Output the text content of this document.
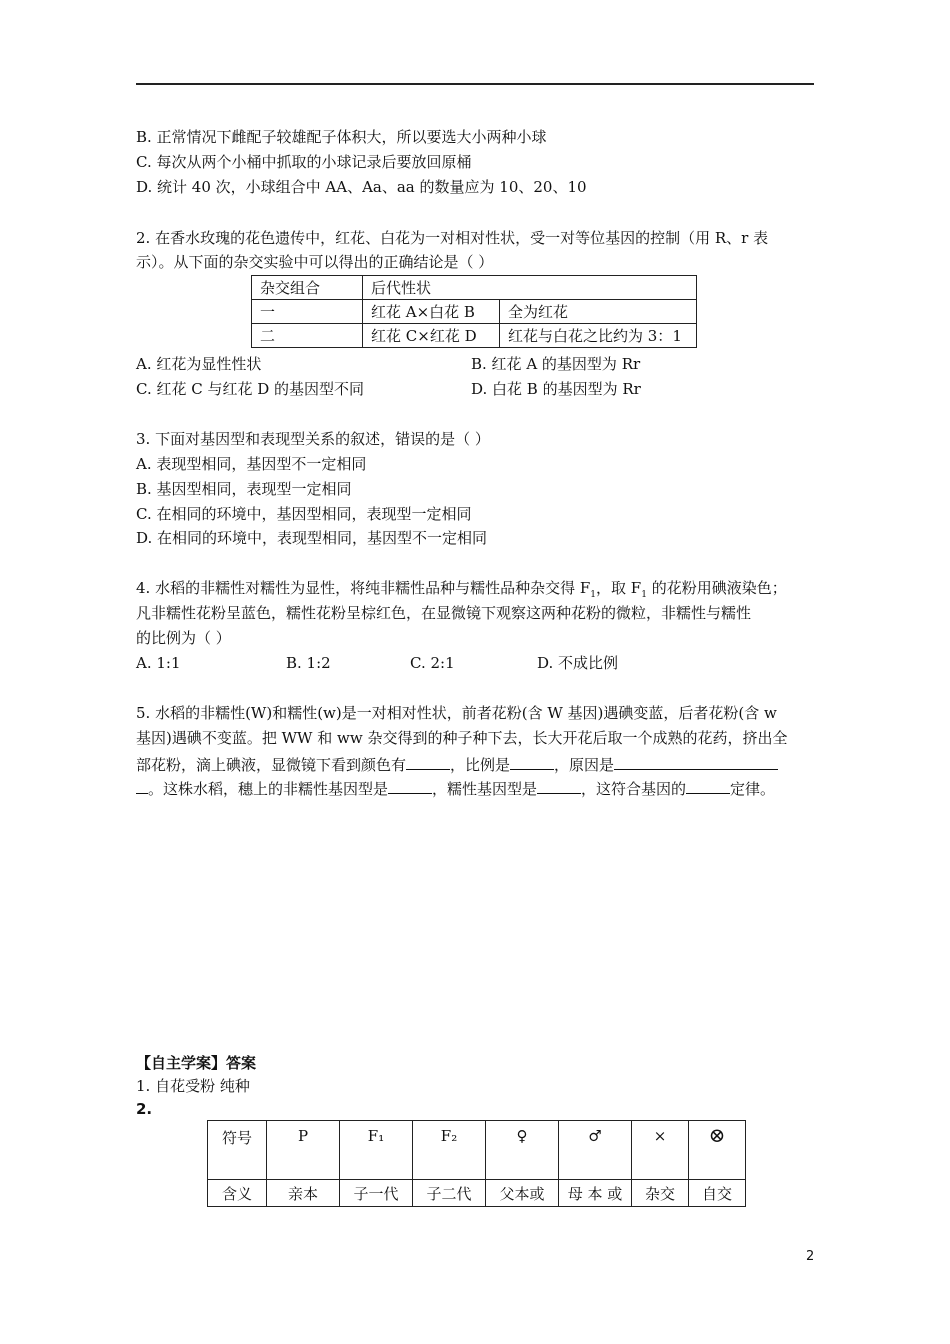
B. 正常情况下雌配子较雄配子体积大，所以要选大小两种小球
C. 每次从两个小桶中抓取的小球记录后要放回原桶
D. 统计 40 次，小球组合中 AA、Aa、aa 的数量应为 10、20、10
2. 在香水玫瑰的花色遗传中，红花、白花为一对相对性状，受一对等位基因的控制（用 R、r 表
示）。从下面的杂交实验中可以得出的正确结论是（ ）
杂交组合	后代性状	
一	红花 A×白花 B	全为红花
二	红花 C×红花 D	红花与白花之比约为 3：1
A. 红花为显性性状	B. 红花 A 的基因型为 Rr
C. 红花 C 与红花 D 的基因型不同	D. 白花 B 的基因型为 Rr
3. 下面对基因型和表现型关系的叙述，错误的是（ ）
A. 表现型相同，基因型不一定相同
B. 基因型相同，表现型一定相同
C. 在相同的环境中，基因型相同，表现型一定相同
D. 在相同的环境中，表现型相同，基因型不一定相同
4. 水稻的非糯性对糯性为显性，将纯非糯性品种与糯性品种杂交得 $F_1$，取 $F_1$ 的花粉用碘液染色；
凡非糯性花粉呈蓝色，糯性花粉呈棕红色，在显微镜下观察这两种花粉的微粒，非糯性与糯性
的比例为（ ）
A. 1:1	B. 1:2	C. 2:1	D. 不成比例
5. 水稻的非糯性(W)和糯性(w)是一对相对性状，前者花粉(含 W 基因)遇碘变蓝，后者花粉(含 w
基因)遇碘不变蓝。把 WW 和 ww 杂交得到的种子种下去，长大开花后取一个成熟的花药，挤出全
部花粉，滴上碘液，显微镜下看到颜色有	，比例是	，原因是
。这株水稻，穗上的非糯性基因型是	，糯性基因型是	，这符合基因的	定律。
【自主学案】答案
1. 自花受粉 纯种
2.
符号	P	F₁	F₂	♀	♂	×	⊗
含义	亲本	子一代	子二代	父本或	母 本 或	杂交	自交
2
